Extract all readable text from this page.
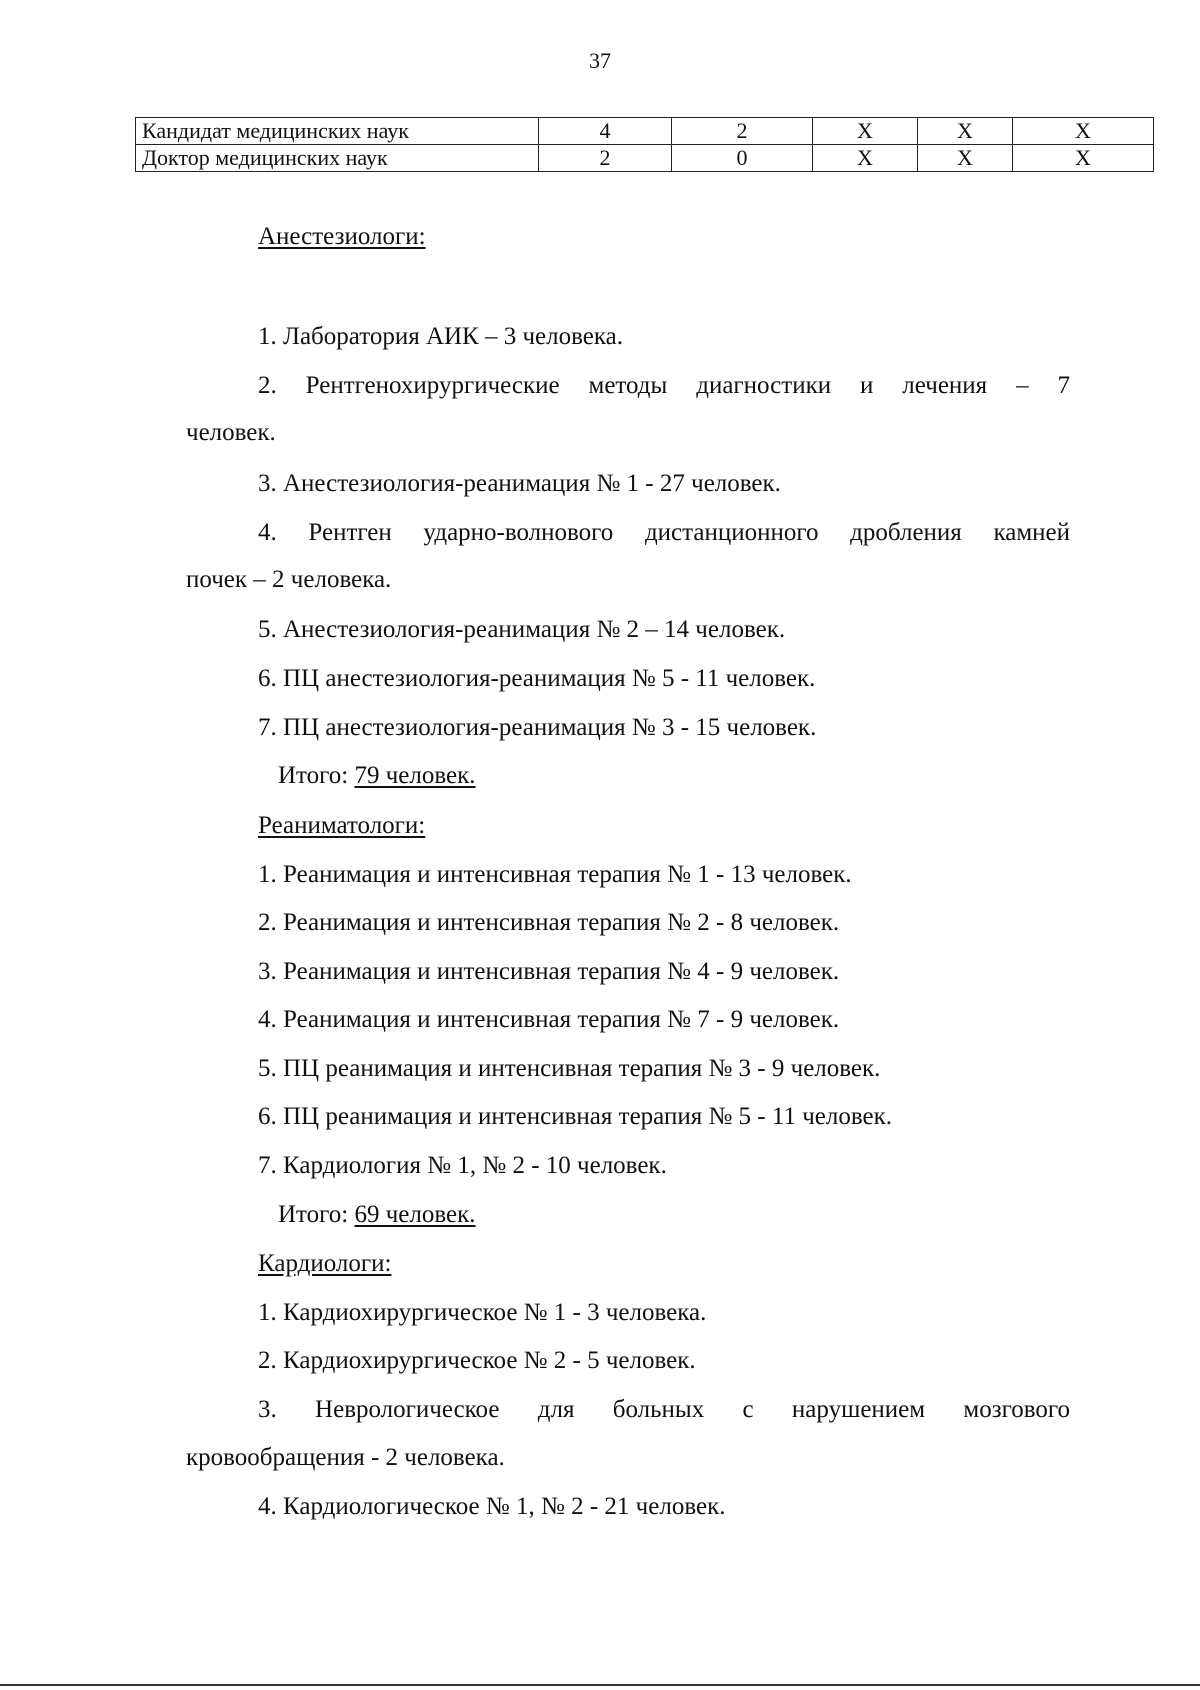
37
Кандидат медицинских наук	4	2	X	X	X
Доктор медицинских наук	2	0	X	X	X
Анестезиологи:
1. Лаборатория АИК – 3 человека.
2. Рентгенохирургические методы диагностики и лечения – 7
человек.
3. Анестезиология-реанимация № 1 - 27 человек.
4. Рентген ударно-волнового дистанционного дробления камней
почек – 2 человека.
5. Анестезиология-реанимация № 2 – 14 человек.
6. ПЦ анестезиология-реанимация № 5 - 11 человек.
7. ПЦ анестезиология-реанимация № 3 - 15 человек.
Итого: 79 человек.
Реаниматологи:
1. Реанимация и интенсивная терапия № 1 - 13 человек.
2. Реанимация и интенсивная терапия № 2 - 8 человек.
3. Реанимация и интенсивная терапия № 4 - 9 человек.
4. Реанимация и интенсивная терапия № 7 - 9 человек.
5. ПЦ реанимация и интенсивная терапия № 3 - 9 человек.
6. ПЦ реанимация и интенсивная терапия № 5 - 11 человек.
7. Кардиология № 1, № 2 - 10 человек.
Итого: 69 человек.
Кардиологи:
1. Кардиохирургическое № 1 - 3 человека.
2. Кардиохирургическое № 2 - 5 человек.
3. Неврологическое для больных с нарушением мозгового
кровообращения - 2 человека.
4. Кардиологическое № 1, № 2 - 21 человек.
